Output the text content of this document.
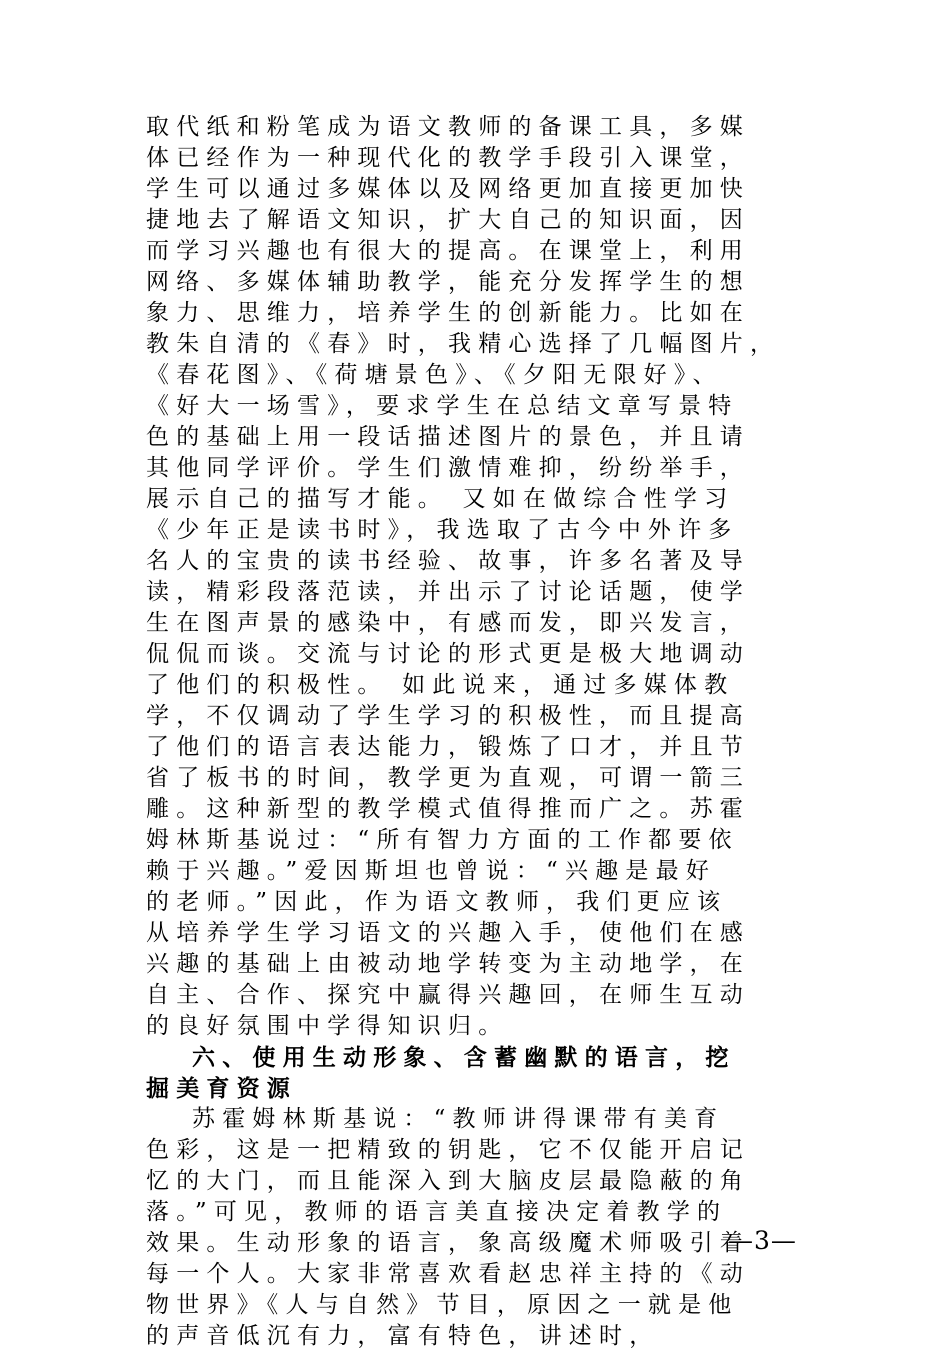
取代纸和粉笔成为语文教师的备课工具，多媒
体已经作为一种现代化的教学手段引入课堂，
学生可以通过多媒体以及网络更加直接更加快
捷地去了解语文知识，扩大自己的知识面，因
而学习兴趣也有很大的提高。在课堂上，利用
网络、多媒体辅助教学，能充分发挥学生的想
象力、思维力，培养学生的创新能力。比如在
教朱自清的《春》时，我精心选择了几幅图片，
《春花图》、《荷塘景色》、《夕阳无限好》、
《好大一场雪》，要求学生在总结文章写景特
色的基础上用一段话描述图片的景色，并且请
其他同学评价。学生们激情难抑，纷纷举手，
展示自己的描写才能。 又如在做综合性学习
《少年正是读书时》，我选取了古今中外许多
名人的宝贵的读书经验、故事，许多名著及导
读，精彩段落范读，并出示了讨论话题，使学
生在图声景的感染中，有感而发，即兴发言，
侃侃而谈。交流与讨论的形式更是极大地调动
了他们的积极性。 如此说来，通过多媒体教
学，不仅调动了学生学习的积极性，而且提高
了他们的语言表达能力，锻炼了口才，并且节
省了板书的时间，教学更为直观，可谓一箭三
雕。这种新型的教学模式值得推而广之。苏霍
姆林斯基说过：“所有智力方面的工作都要依
赖于兴趣。”爱因斯坦也曾说：“兴趣是最好
的老师。”因此，作为语文教师，我们更应该
从培养学生学习语文的兴趣入手，使他们在感
兴趣的基础上由被动地学转变为主动地学，在
自主、合作、探究中赢得兴趣回，在师生互动
的良好氛围中学得知识归。
六、使用生动形象、含蓄幽默的语言，挖
掘美育资源
苏霍姆林斯基说：“教师讲得课带有美育
色彩，这是一把精致的钥匙，它不仅能开启记
忆的大门，而且能深入到大脑皮层最隐蔽的角
落。”可见，教师的语言美直接决定着教学的
效果。生动形象的语言，象高级魔术师吸引着
每一个人。大家非常喜欢看赵忠祥主持的《动
物世界》《人与自然》节目，原因之一就是他
的声音低沉有力，富有特色，讲述时，
—3—
